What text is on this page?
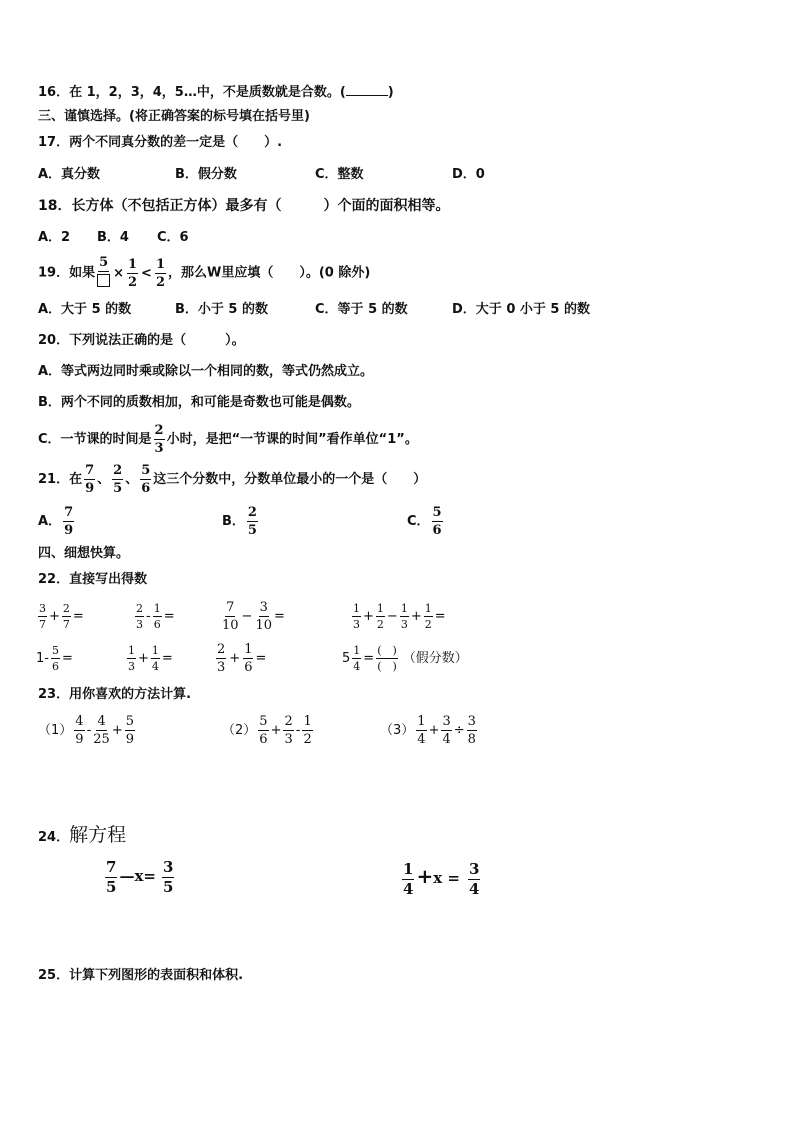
16．在 1，2，3，4，5…中，不是质数就是合数。(	)
三、谨慎选择。(将正确答案的标号填在括号里)
17．两个不同真分数的差一定是（　　）.
A．真分数	B．假分数	C．整数	D．0
18．长方体（不包括正方体）最多有（　　　）个面的面积相等。
A．2 B．4 C．6
19．如果
5
× $\frac{1}{2} < \frac{1}{2}$ ，那么W里应填（　　）。(0 除外)
A．大于 5 的数	B．小于 5 的数	C．等于 5 的数	D．大于 0 小于 5 的数
20．下列说法正确的是（　　　）。
A．等式两边同时乘或除以一个相同的数，等式仍然成立。
B．两个不同的质数相加，和可能是奇数也可能是偶数。
C．一节课的时间是 $\frac{2}{3}$ 小时，是把“一节课的时间”看作单位“1”。
21．在 $\frac{7}{9}$ 、 $\frac{2}{5}$ 、 $\frac{5}{6}$ 这三个分数中，分数单位最小的一个是（　　）
A． $\frac{7}{9}$	B． $\frac{2}{5}$	C． $\frac{5}{6}$
四、细想快算。
22．直接写出得数
$\frac{3}{7} + \frac{2}{7}$ =	$\frac{2}{3} - \frac{1}{6}$ =	$\frac{7}{10} - \frac{3}{10}$ =	$\frac{1}{3} + \frac{1}{2} - \frac{1}{3} + \frac{1}{2}$ =
$1- \frac{5}{6}$ =	$\frac{1}{3} + \frac{1}{4}$ =	$\frac{2}{3} + \frac{1}{6}$ =	$5 \frac{1}{4} = \frac{( )}{( )}$ （假分数）
23．用你喜欢的方法计算.
$(1) \frac{4}{9} - \frac{4}{25} + \frac{5}{9}$	$(2) \frac{5}{6} + \frac{2}{3} - \frac{1}{2}$	$(3) \frac{1}{4} + \frac{3}{4} \div \frac{3}{8}$
24．解方程
$\frac{7}{5}$ —x= $\frac{3}{5}$	$\frac{1}{4} +x = \frac{3}{4}$
25．计算下列图形的表面积和体积.
